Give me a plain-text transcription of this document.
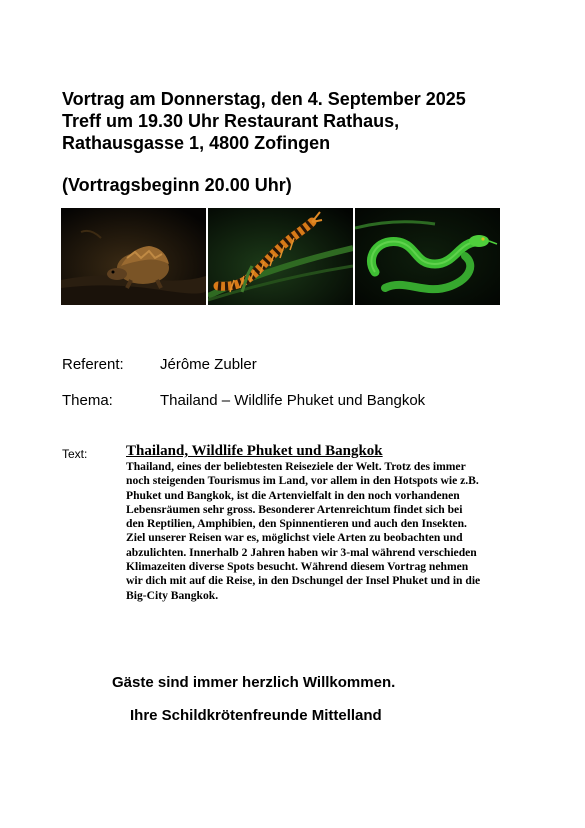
Vortrag am Donnerstag, den 4. September 2025
Treff um 19.30 Uhr Restaurant Rathaus,
Rathausgasse 1, 4800 Zofingen
(Vortragsbeginn 20.00 Uhr)
Referent: Jérôme Zubler
Thema:	Thailand – Wildlife Phuket und Bangkok
Text:	Thailand, Wildlife Phuket und Bangkok
Thailand, eines der beliebtesten Reiseziele der Welt. Trotz des immer
noch steigenden Tourismus im Land, vor allem in den Hotspots wie z.B.
Phuket und Bangkok, ist die Artenvielfalt in den noch vorhandenen
Lebensräumen sehr gross. Besonderer Artenreichtum findet sich bei
den Reptilien, Amphibien, den Spinnentieren und auch den Insekten.
Ziel unserer Reisen war es, möglichst viele Arten zu beobachten und
abzulichten. Innerhalb 2 Jahren haben wir 3-mal während verschieden
Klimazeiten diverse Spots besucht. Während diesem Vortrag nehmen
wir dich mit auf die Reise, in den Dschungel der Insel Phuket und in die
Big-City Bangkok.
Gäste sind immer herzlich Willkommen.
Ihre Schildkrötenfreunde Mittelland
